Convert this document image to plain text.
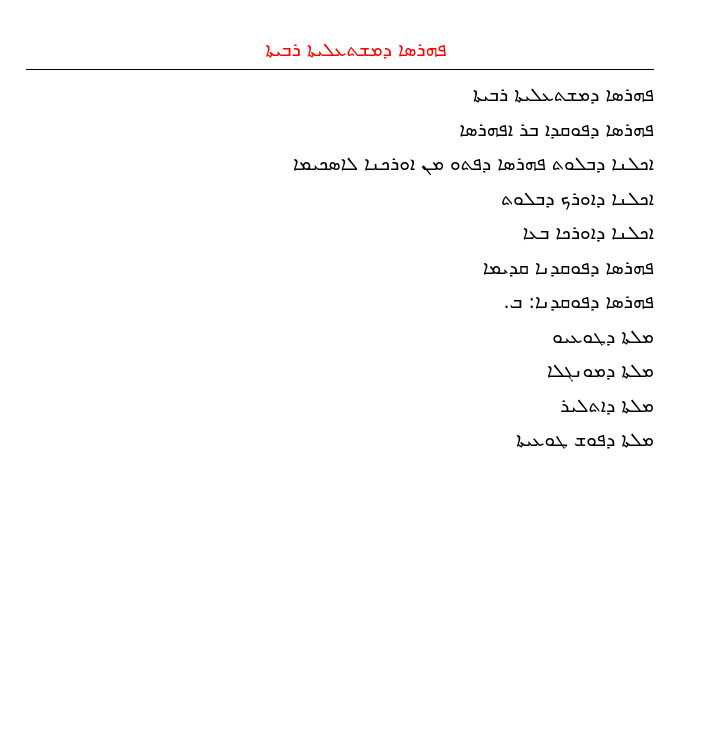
ܦܗܪܣܐ ܕܡܫܬܥܠܝܬܐ ܪܒܝܬܐ
ܦܗܪܣܐ ܕܡܫܬܥܠܝܬܐ ܪܒܝܬܐ
ܦܗܪܣܐ ܕܦܘܩܕܐ ܒܪ ܐܦܗܪܣܐ
ܐܟܠܢܐ ܕܒܠܘܬ ܦܗܪܣܐ ܕܦܬܘ ܡܢ ܐܘܪܟܢܐ ܠܐܣܟܝܡܐ
ܐܟܠܢܐ ܕܐܘܪܟ ܕܒܠܘܬ
ܐܟܠܢܐ ܕܐܘܪܟܐ ܒܥܐ
ܦܗܪܣܐ ܕܦܘܩܕܢܐ ܩܕܝܡܐ
ܦܗܪܣܐ ܕܦܘܩܕܢܐ: ܒ.
ܡܠܬܐ ܕܛܘܥܝܘ
ܡܠܬܐ ܕܡܘܢܓܠܐ
ܡܠܬܐ ܕܐܬܠܝܪ
ܡܠܬܐ ܕܦܘܫ ܛܘܥܝܬܐ
